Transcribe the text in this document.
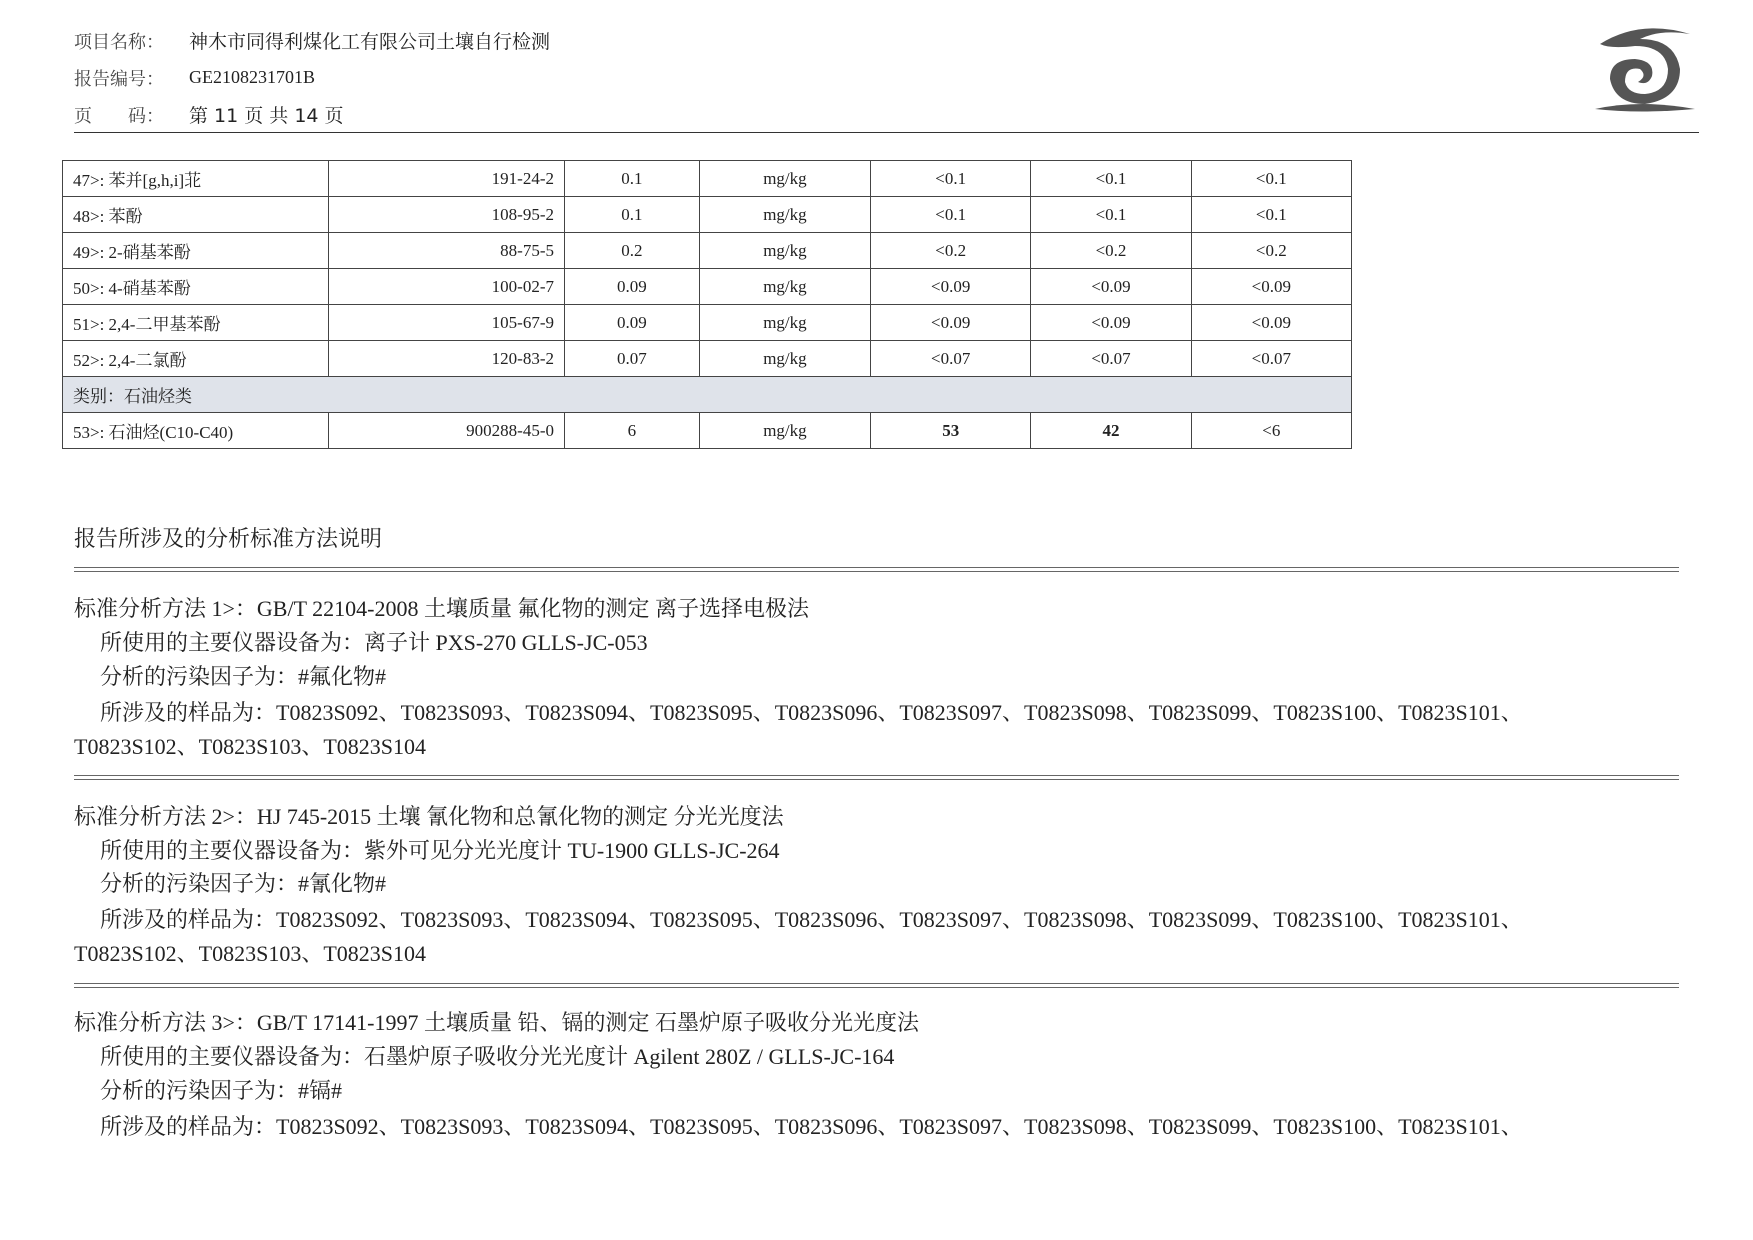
项目名称：	神木市同得利煤化工有限公司土壤自行检测
报告编号：	GE2108231701B
页　　码：	第 11 页 共 14 页
47>: 苯并[g,h,i]苝	191-24-2	0.1	mg/kg	<0.1	<0.1	<0.1
48>: 苯酚	108-95-2	0.1	mg/kg	<0.1	<0.1	<0.1
49>: 2-硝基苯酚	88-75-5	0.2	mg/kg	<0.2	<0.2	<0.2
50>: 4-硝基苯酚	100-02-7	0.09	mg/kg	<0.09	<0.09	<0.09
51>: 2,4-二甲基苯酚	105-67-9	0.09	mg/kg	<0.09	<0.09	<0.09
52>: 2,4-二氯酚	120-83-2	0.07	mg/kg	<0.07	<0.07	<0.07
类别：石油烃类						
53>: 石油烃(C10-C40)	900288-45-0	6	mg/kg	53	42	<6
报告所涉及的分析标准方法说明
标准分析方法 1>：GB/T 22104-2008 土壤质量 氟化物的测定 离子选择电极法
所使用的主要仪器设备为：离子计 PXS-270 GLLS-JC-053
分析的污染因子为：#氟化物#
所涉及的样品为：T0823S092、T0823S093、T0823S094、T0823S095、T0823S096、T0823S097、T0823S098、T0823S099、T0823S100、T0823S101、
T0823S102、T0823S103、T0823S104
标准分析方法 2>：HJ 745-2015 土壤 氰化物和总氰化物的测定 分光光度法
所使用的主要仪器设备为：紫外可见分光光度计 TU-1900 GLLS-JC-264
分析的污染因子为：#氰化物#
所涉及的样品为：T0823S092、T0823S093、T0823S094、T0823S095、T0823S096、T0823S097、T0823S098、T0823S099、T0823S100、T0823S101、
T0823S102、T0823S103、T0823S104
标准分析方法 3>：GB/T 17141-1997 土壤质量 铅、镉的测定 石墨炉原子吸收分光光度法
所使用的主要仪器设备为：石墨炉原子吸收分光光度计 Agilent 280Z / GLLS-JC-164
分析的污染因子为：#镉#
所涉及的样品为：T0823S092、T0823S093、T0823S094、T0823S095、T0823S096、T0823S097、T0823S098、T0823S099、T0823S100、T0823S101、
